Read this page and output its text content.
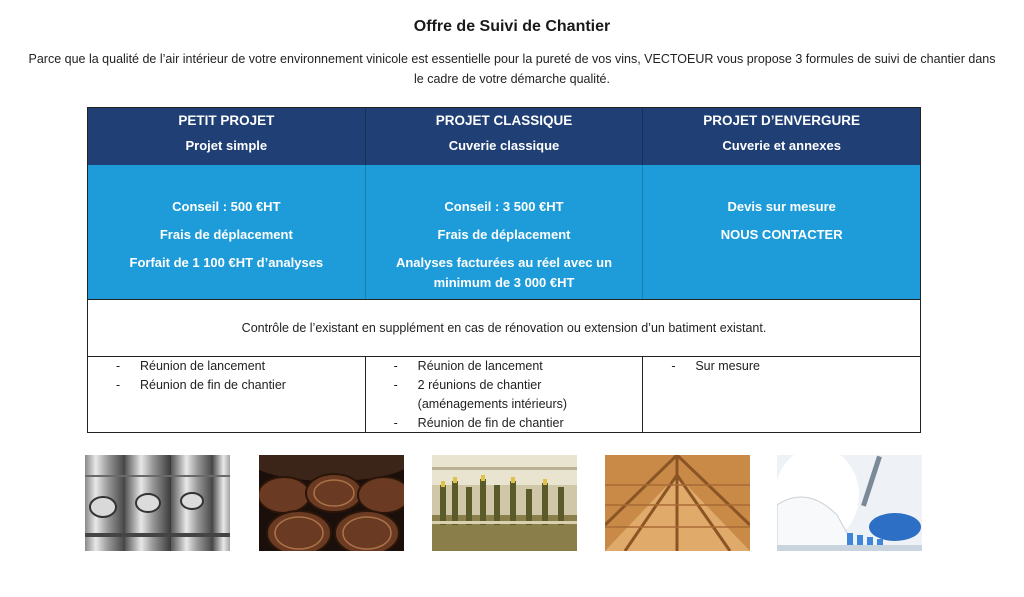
Offre de Suivi de Chantier
Parce que la qualité de l’air intérieur de votre environnement vinicole est essentielle pour la pureté de vos vins, VECTOEUR vous propose 3 formules de suivi de chantier dans le cadre de votre démarche qualité.
PETIT PROJET
Projet simple
PROJET CLASSIQUE
Cuverie classique
PROJET D’ENVERGURE
Cuverie et annexes
Conseil : 500 €HT
Frais de déplacement
Forfait de 1 100 €HT d’analyses
Conseil : 3 500 €HT
Frais de déplacement
Analyses facturées au réel avec un minimum de 3 000 €HT
Devis sur mesure
NOUS CONTACTER
Contrôle de l’existant en supplément en cas de rénovation ou extension d’un batiment existant.
- Réunion de lancement
- Réunion de fin de chantier
- Réunion de lancement
- 2 réunions de chantier (aménagements intérieurs)
- Réunion de fin de chantier
- Sur mesure
